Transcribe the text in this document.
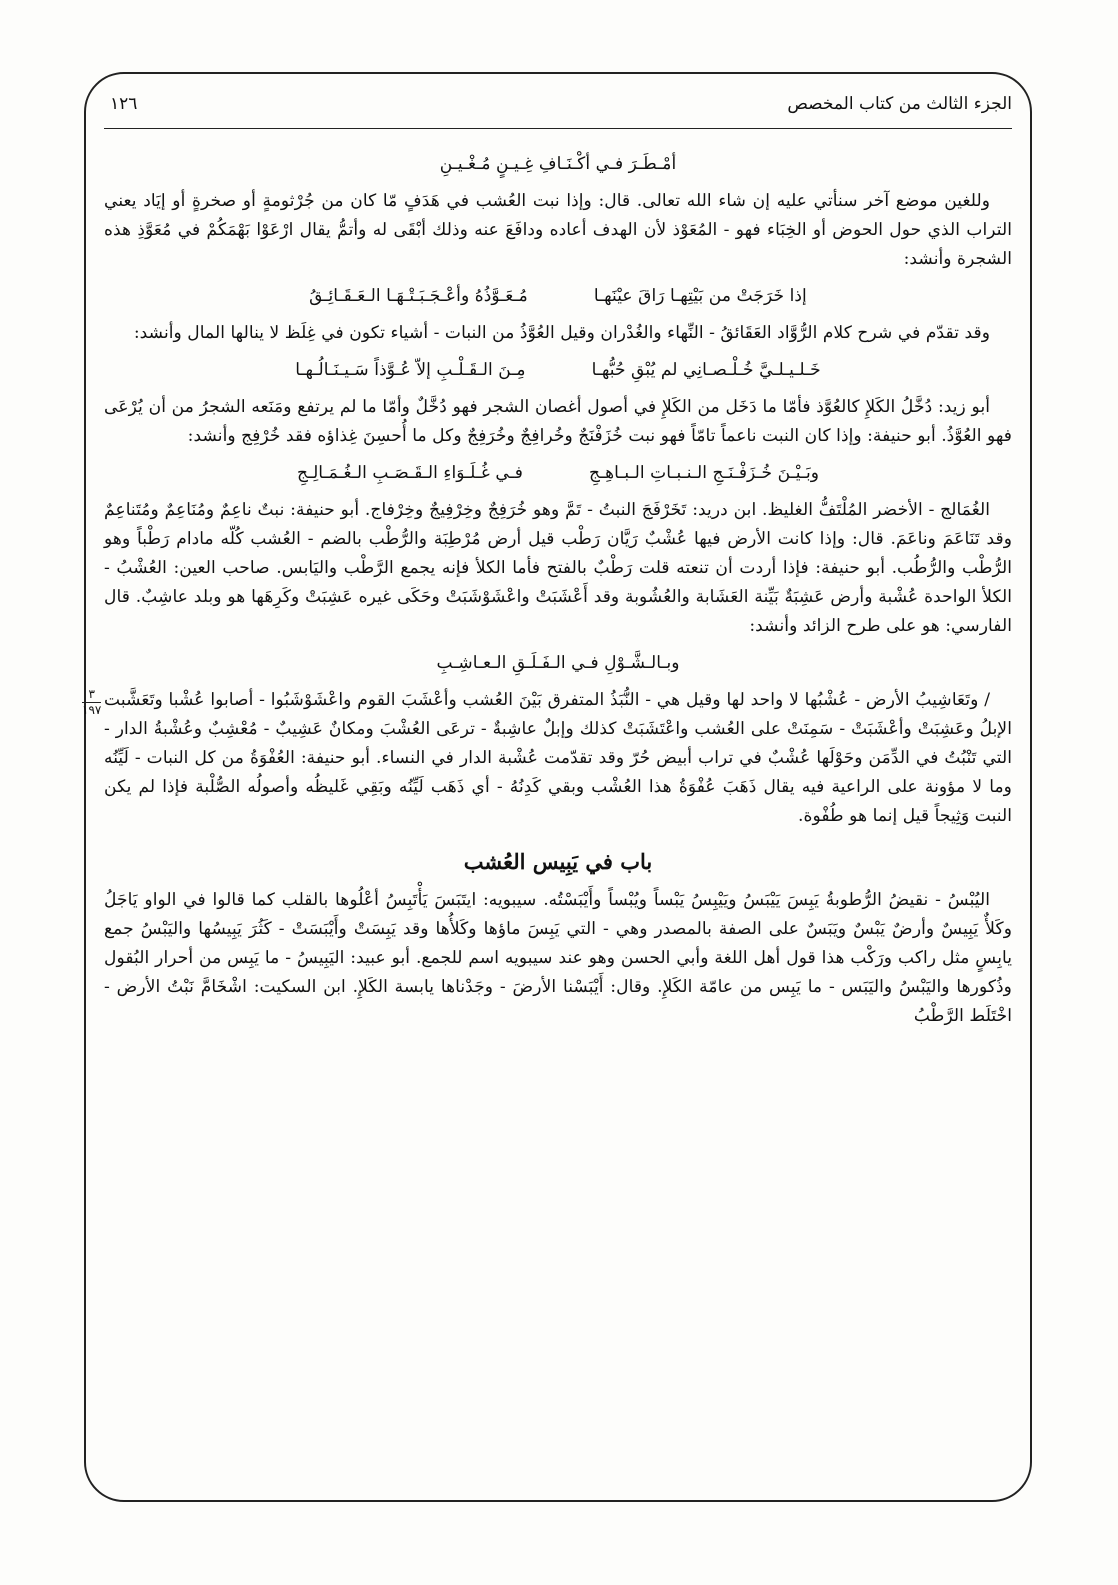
الجزء الثالث من كتاب المخصص
١٢٦
أمْـطَـرَ فـي أكْـنَـافِ غِـيـنٍ مُـغْـيـنِ

وللغين موضع آخر سنأتي عليه إن شاء الله تعالى. قال: وإذا نبت العُشب في هَدَفٍ مّا كان من جُرْثومةٍ أو صخرةٍ أو إيَاد يعني التراب الذي حول الحوض أو الخِبَاء فهو - المُعَوْذ لأن الهدف أعاده ودافَعَ عنه وذلك أبْقَى له وأتمُّ يقال ارْعَوْا بَهْمَكُمْ في مُعَوَّذِ هذه الشجرة وأنشد:

إذا خَرَجَتْ من بَيْتِهـا رَاقَ عيْنَهـا
مُـعَـوَّذُهُ وأعْـجَـبَـتْـهَـا الـعَـقَـائِـقُ

وقد تقدّم في شرح كلام الرُّوَّاد العَقَائقُ - النِّهاء والغُدْران وقيل العُوَّذُ من النبات - أشياء تكون في غِلَظ لا ينالها المال وأنشد:

خَـلـيـلـيَّ خُـلْـصـانِي لم يُبْقِ حُبُّهـا
مِـنَ الـقَـلْـبِ إلاّ عُـوَّذاً سَـيـنَـالُـهـا

أبو زيد: دُخَّلُ الكَلإِ كالعُوَّذ فأمّا ما دَخَل من الكَلإِ في أصول أغصان الشجر فهو دُخَّلٌ وأمّا ما لم يرتفع ومَنَعه الشجرُ من أن يُرْعَى فهو العُوَّذُ. أبو حنيفة: وإذا كان النبت ناعماً تامّاً فهو نبت خُزَفْنَجٌ وخُرافِجٌ وخُرَفِجٌ وكل ما أُحسِنَ غِذاؤه فقد خُرْفِج وأنشد:

وبَـيْـنَ خُـزَفْـنَـجِ الـنـبـاتِ الـبـاهِـجِ
فـي غُـلَـوَاءِ الـقَـصَـبِ الـغُـمَـالِـجِ

الغُمَالج - الأخضر المُلْتَفُّ الغليظ. ابن دريد: تَخَرْفَجَ النبتُ - تَمَّ وهو خُرَفِجٌ وخِرْفِيجٌ وخِرْفاج. أبو حنيفة: نبتٌ ناعِمٌ ومُنَاعِمٌ ومُتَناعِمٌ وقد تَنَاعَمَ وناعَمَ. قال: وإذا كانت الأرض فيها عُشْبٌ رَيَّان رَطْب قيل أرض مُرْطِبَة والرُّطْب بالضم - العُشب كُلّه مادام رَطْباً وهو الرُّطْب والرُّطُب. أبو حنيفة: فإذا أردت أن تنعته قلت رَطْبٌ بالفتح فأما الكلأ فإنه يجمع الرَّطْب واليَابس. صاحب العين: العُشْبُ - الكلأ الواحدة عُشْبة وأرض عَشِبَةٌ بَيِّنة العَشَابة والعُشُوبة وقد أَعْشَبَتْ واعْشَوْشَبَتْ وحَكَى غيره عَشِبَتْ وكَرِهَها هو وبلد عاشِبٌ. قال الفارسي: هو على طرح الزائد وأنشد:

وبـالـشَّـوْلِ فـي الـفَـلَـقِ الـعـاشِـبِ
٣
١٩٧ / وتَعَاشِيبُ الأرض - عُشْبُها لا واحد لها وقيل هي - النُّبَذُ المتفرق بَيْنَ العُشب وأعْشَبَ القوم واعْشَوْشَبُوا - أصابوا عُشْبا وتَعَشَّبت الإبلُ وعَشِبَتْ وأعْشَبَتْ - سَمِنَتْ على العُشب واعْتَشَبَتْ كذلك وإبلٌ عاشِبةٌ - ترعَى العُشْبَ ومكانٌ عَشِيبٌ - مُعْشِبٌ وعُشْبةُ الدار - التي تَنْبُتُ في الدِّمَن وحَوْلَها عُشْبٌ في تراب أبيض حُرّ وقد تقدّمت عُشْبة الدار في النساء. أبو حنيفة: العُفْوَةُ من كل النبات - لَيِّنُه وما لا مؤونة على الراعية فيه يقال ذَهَبَ عُفْوَةُ هذا العُشْب وبقي كَدِنُهُ - أي ذَهَب لَيِّنُه وبَقِي غَليظُه وأصولُه الصُّلْبة فإذا لم يكن النبت وَثِيجاً قيل إنما هو طُفْوة.

باب في يَبِيس العُشب

اليُبْسُ - نقيضُ الرُّطوبةُ يَبِسَ يَيْبَسُ ويَيْبِسُ يَبْساً ويُبْساً وأَيْبَسْتُه. سيبويه: ايتَبَسَ يَأْتَبِسُ أعْلُوها بالقلب كما قالوا في الواو يَاجَلُ وكَلأٌ يَبِيسٌ وأرضٌ يَبْسٌ ويَبَسٌ على الصفة بالمصدر وهي - التي يَبِسَ ماؤها وكَلأُها وقد يَبِسَتْ وأَيْبَسَتْ - كَثُرَ يَبِيسُها واليَبْسُ جمع يابِسٍ مثل راكب ورَكْب هذا قول أهل اللغة وأبي الحسن وهو عند سيبويه اسم للجمع. أبو عبيد: اليَبِيسُ - ما يَبِس من أحرار البُقول وذُكورها واليَبْسُ واليَبَس - ما يَبِس من عامّة الكَلإِ. وقال: أَيْبَسْنا الأرضَ - وجَدْناها يابسة الكَلإِ. ابن السكيت: اشْخَامَّ نَبْتُ الأرض - اخْتَلَط الرَّطْبُ
